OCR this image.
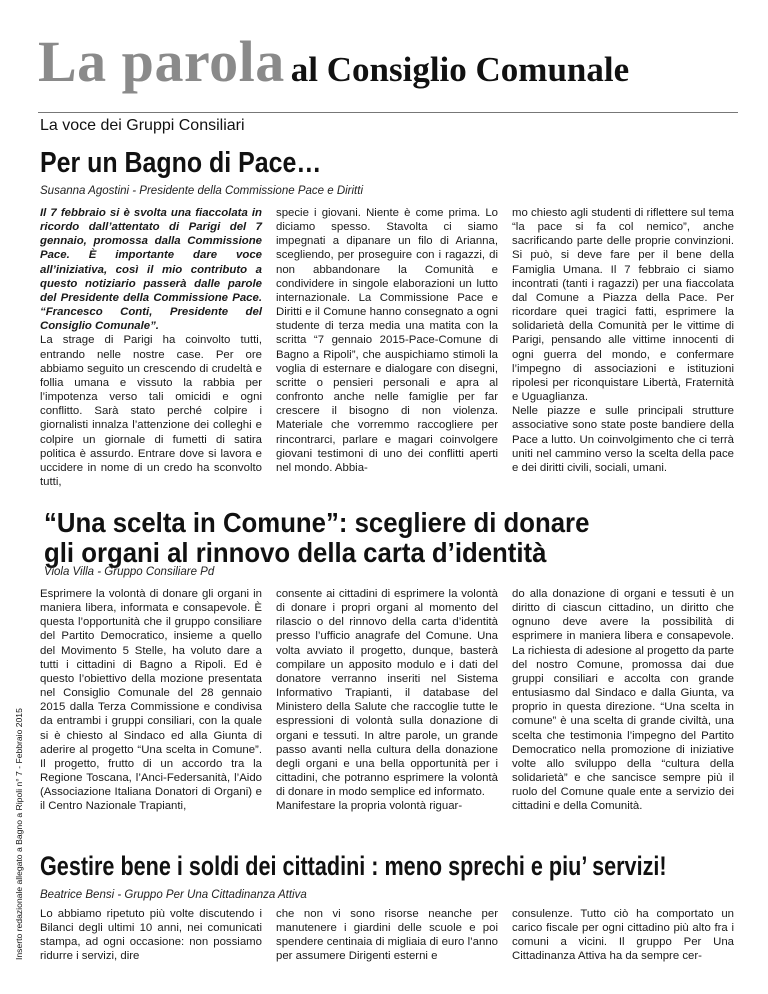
La parola al Consiglio Comunale
La voce dei Gruppi Consiliari
Inserto redazionale allegato a Bagno a Ripoli n° 7 - Febbraio 2015
Per un Bagno di Pace…
Susanna Agostini - Presidente della Commissione Pace e Diritti

Il 7 febbraio si è svolta una fiaccolata in ricordo dall’attentato di Parigi del 7 gennaio, promossa dalla Commissione Pace. È importante dare voce all’iniziativa, così il mio contributo a questo notiziario passerà dalle parole del Presidente della Commissione Pace. “Francesco Conti, Presidente del Consiglio Comunale”.

La strage di Parigi ha coinvolto tutti, entrando nelle nostre case. Per ore abbiamo seguito un crescendo di crudeltà e follia umana e vissuto la rabbia per l’impotenza verso tali omicidi e ogni conflitto. Sarà stato perché colpire i giornalisti innalza l’attenzione dei colleghi e colpire un giornale di fumetti di satira politica è assurdo. Entrare dove si lavora e uccidere in nome di un credo ha sconvolto tutti,

specie i giovani. Niente è come prima. Lo diciamo spesso. Stavolta ci siamo impegnati a dipanare un filo di Arianna, scegliendo, per proseguire con i ragazzi, di non abbandonare la Comunità e condividere in singole elaborazioni un lutto internazionale. La Commissione Pace e Diritti e il Comune hanno consegnato a ogni studente di terza media una matita con la scritta “7 gennaio 2015-Pace-Comune di Bagno a Ripoli”, che auspichiamo stimoli la voglia di esternare e dialogare con disegni, scritte o pensieri personali e apra al confronto anche nelle famiglie per far crescere il bisogno di non violenza. Materiale che vorremmo raccogliere per rincontrarci, parlare e magari coinvolgere giovani testimoni di uno dei conflitti aperti nel mondo. Abbia-

mo chiesto agli studenti di riflettere sul tema “la pace si fa col nemico”, anche sacrificando parte delle proprie convinzioni. Si può, si deve fare per il bene della Famiglia Umana. Il 7 febbraio ci siamo incontrati (tanti i ragazzi) per una fiaccolata dal Comune a Piazza della Pace. Per ricordare quei tragici fatti, esprimere la solidarietà della Comunità per le vittime di Parigi, pensando alle vittime innocenti di ogni guerra del mondo, e confermare l’impegno di associazioni e istituzioni ripolesi per riconquistare Libertà, Fraternità e Uguaglianza.

Nelle piazze e sulle principali strutture associative sono state poste bandiere della Pace a lutto. Un coinvolgimento che ci terrà uniti nel cammino verso la scelta della pace e dei diritti civili, sociali, umani.

“Una scelta in Comune”: scegliere di donare
gli organi al rinnovo della carta d’identità
Viola Villa - Gruppo Consiliare Pd

Esprimere la volontà di donare gli organi in maniera libera, informata e consapevole. È questa l’opportunità che il gruppo consiliare del Partito Democratico, insieme a quello del Movimento 5 Stelle, ha voluto dare a tutti i cittadini di Bagno a Ripoli. Ed è questo l’obiettivo della mozione presentata nel Consiglio Comunale del 28 gennaio 2015 dalla Terza Commissione e condivisa da entrambi i gruppi consiliari, con la quale si è chiesto al Sindaco ed alla Giunta di aderire al progetto “Una scelta in Comune”. Il progetto, frutto di un accordo tra la Regione Toscana, l’Anci-Federsanità, l’Aido (Associazione Italiana Donatori di Organi) e il Centro Nazionale Trapianti,

consente ai cittadini di esprimere la volontà di donare i propri organi al momento del rilascio o del rinnovo della carta d’identità presso l’ufficio anagrafe del Comune. Una volta avviato il progetto, dunque, basterà compilare un apposito modulo e i dati del donatore verranno inseriti nel Sistema Informativo Trapianti, il database del Ministero della Salute che raccoglie tutte le espressioni di volontà sulla donazione di organi e tessuti. In altre parole, un grande passo avanti nella cultura della donazione degli organi e una bella opportunità per i cittadini, che potranno esprimere la volontà di donare in modo semplice ed informato.

Manifestare la propria volontà riguar-

do alla donazione di organi e tessuti è un diritto di ciascun cittadino, un diritto che ognuno deve avere la possibilità di esprimere in maniera libera e consapevole. La richiesta di adesione al progetto da parte del nostro Comune, promossa dai due gruppi consiliari e accolta con grande entusiasmo dal Sindaco e dalla Giunta, va proprio in questa direzione. “Una scelta in comune” è una scelta di grande civiltà, una scelta che testimonia l’impegno del Partito Democratico nella promozione di iniziative volte allo sviluppo della “cultura della solidarietà” e che sancisce sempre più il ruolo del Comune quale ente a servizio dei cittadini e della Comunità.

Gestire bene i soldi dei cittadini : meno sprechi e piu’ servizi!
Beatrice Bensi - Gruppo Per Una Cittadinanza Attiva

Lo abbiamo ripetuto più volte discutendo i Bilanci degli ultimi 10 anni, nei comunicati stampa, ad ogni occasione: non possiamo ridurre i servizi, dire

che non vi sono risorse neanche per manutenere i giardini delle scuole e poi spendere centinaia di migliaia di euro l’anno per assumere Dirigenti esterni e

consulenze. Tutto ciò ha comportato un carico fiscale per ogni cittadino più alto fra i comuni a vicini. Il gruppo Per Una Cittadinanza Attiva ha da sempre cer-
